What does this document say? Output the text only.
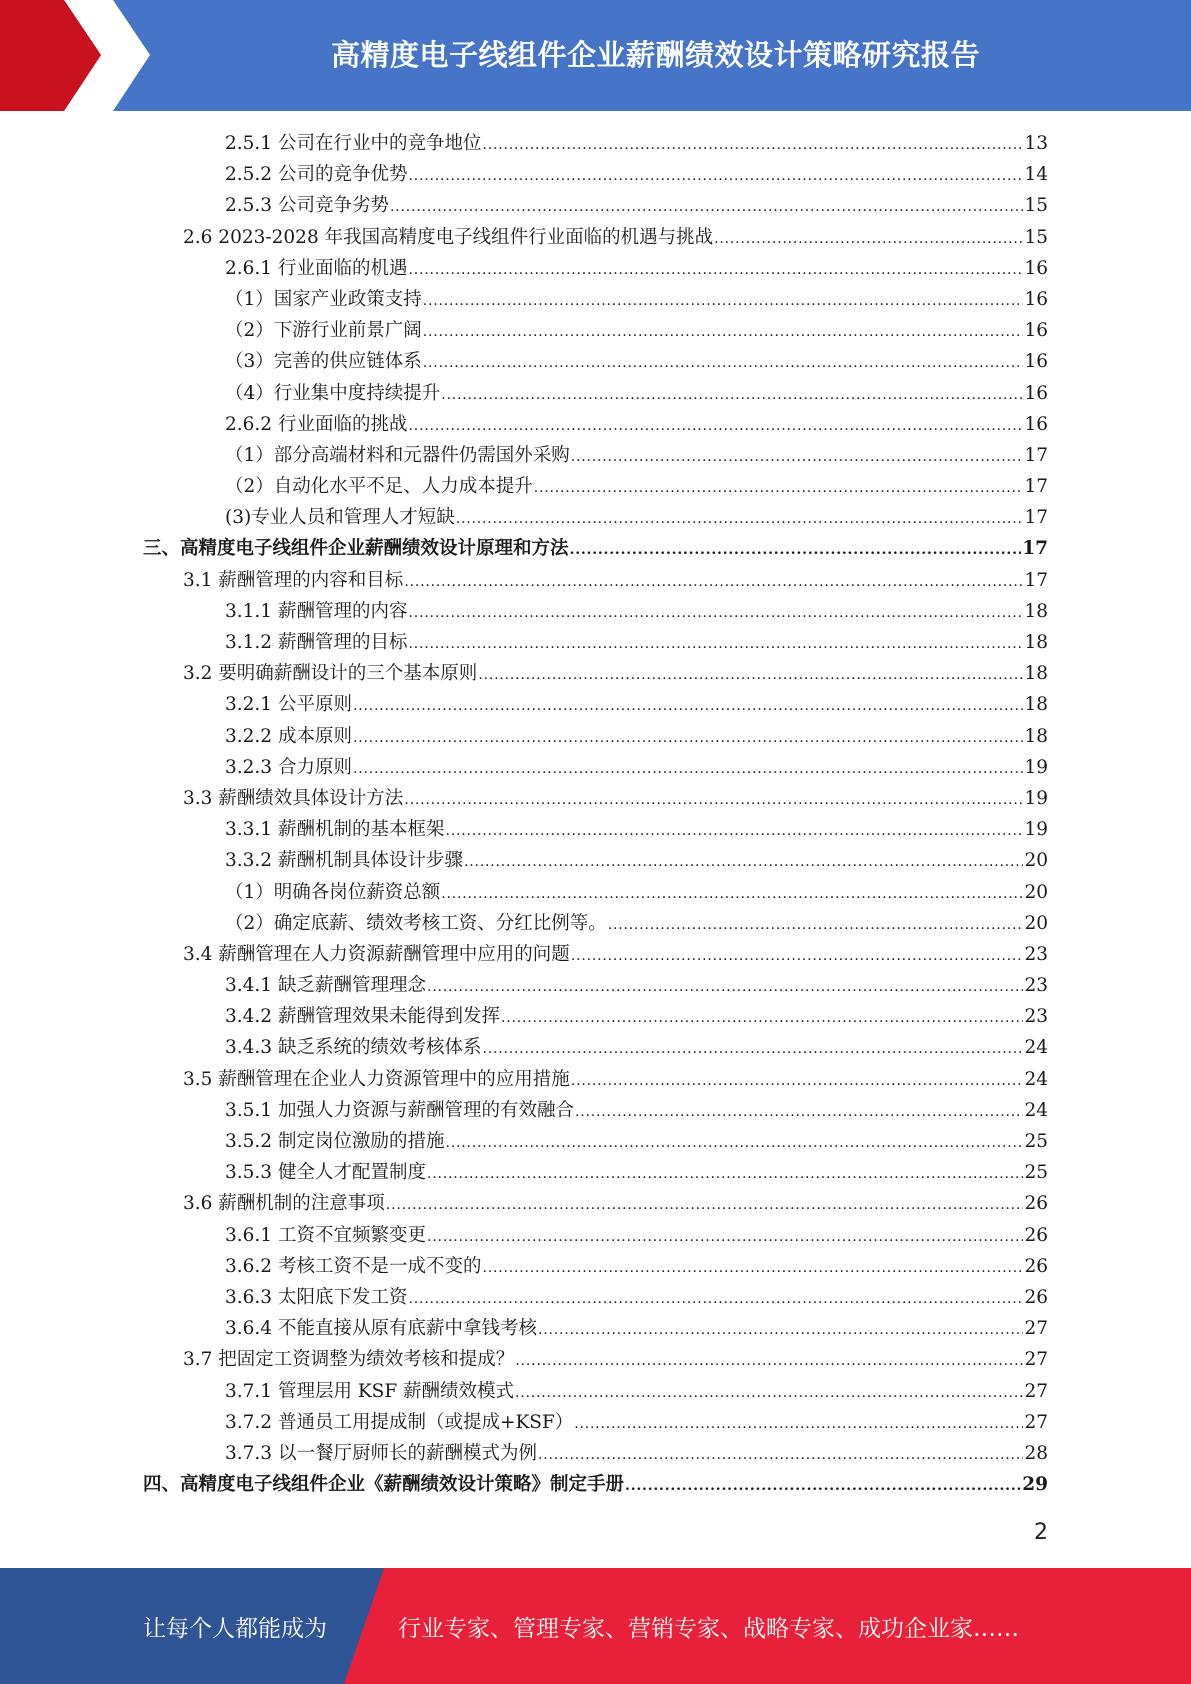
高精度电子线组件企业薪酬绩效设计策略研究报告
2.5.1 公司在行业中的竞争地位 .....	13
2.5.2 公司的竞争优势 .....	14
2.5.3 公司竞争劣势 .....	15
2.6 2023-2028 年我国高精度电子线组件行业面临的机遇与挑战 .....	15
2.6.1 行业面临的机遇 .....	16
（1）国家产业政策支持 .....	16
（2）下游行业前景广阔 .....	16
（3）完善的供应链体系 .....	16
（4）行业集中度持续提升 .....	16
2.6.2 行业面临的挑战 .....	16
（1）部分高端材料和元器件仍需国外采购 .....	17
（2）自动化水平不足、人力成本提升 .....	17
(3)专业人员和管理人才短缺 .....	17
三、高精度电子线组件企业薪酬绩效设计原理和方法 .....	17
3.1 薪酬管理的内容和目标 .....	17
3.1.1 薪酬管理的内容 .....	18
3.1.2 薪酬管理的目标 .....	18
3.2 要明确薪酬设计的三个基本原则 .....	18
3.2.1 公平原则 .....	18
3.2.2 成本原则 .....	18
3.2.3 合力原则 .....	19
3.3 薪酬绩效具体设计方法 .....	19
3.3.1 薪酬机制的基本框架 .....	19
3.3.2 薪酬机制具体设计步骤 .....	20
（1）明确各岗位薪资总额 .....	20
（2）确定底薪、绩效考核工资、分红比例等。 .....	20
3.4 薪酬管理在人力资源薪酬管理中应用的问题 .....	23
3.4.1 缺乏薪酬管理理念 .....	23
3.4.2 薪酬管理效果未能得到发挥 .....	23
3.4.3 缺乏系统的绩效考核体系 .....	24
3.5 薪酬管理在企业人力资源管理中的应用措施 .....	24
3.5.1 加强人力资源与薪酬管理的有效融合 .....	24
3.5.2 制定岗位激励的措施 .....	25
3.5.3 健全人才配置制度 .....	25
3.6 薪酬机制的注意事项 .....	26
3.6.1 工资不宜频繁变更 .....	26
3.6.2 考核工资不是一成不变的 .....	26
3.6.3 太阳底下发工资 .....	26
3.6.4 不能直接从原有底薪中拿钱考核 .....	27
3.7 把固定工资调整为绩效考核和提成？ .....	27
3.7.1 管理层用 KSF 薪酬绩效模式 .....	27
3.7.2 普通员工用提成制（或提成+KSF） .....	27
3.7.3 以一餐厅厨师长的薪酬模式为例 .....	28
四、高精度电子线组件企业《薪酬绩效设计策略》制定手册 .....	29
2
让每个人都能成为	行业专家、管理专家、营销专家、战略专家、成功企业家……
